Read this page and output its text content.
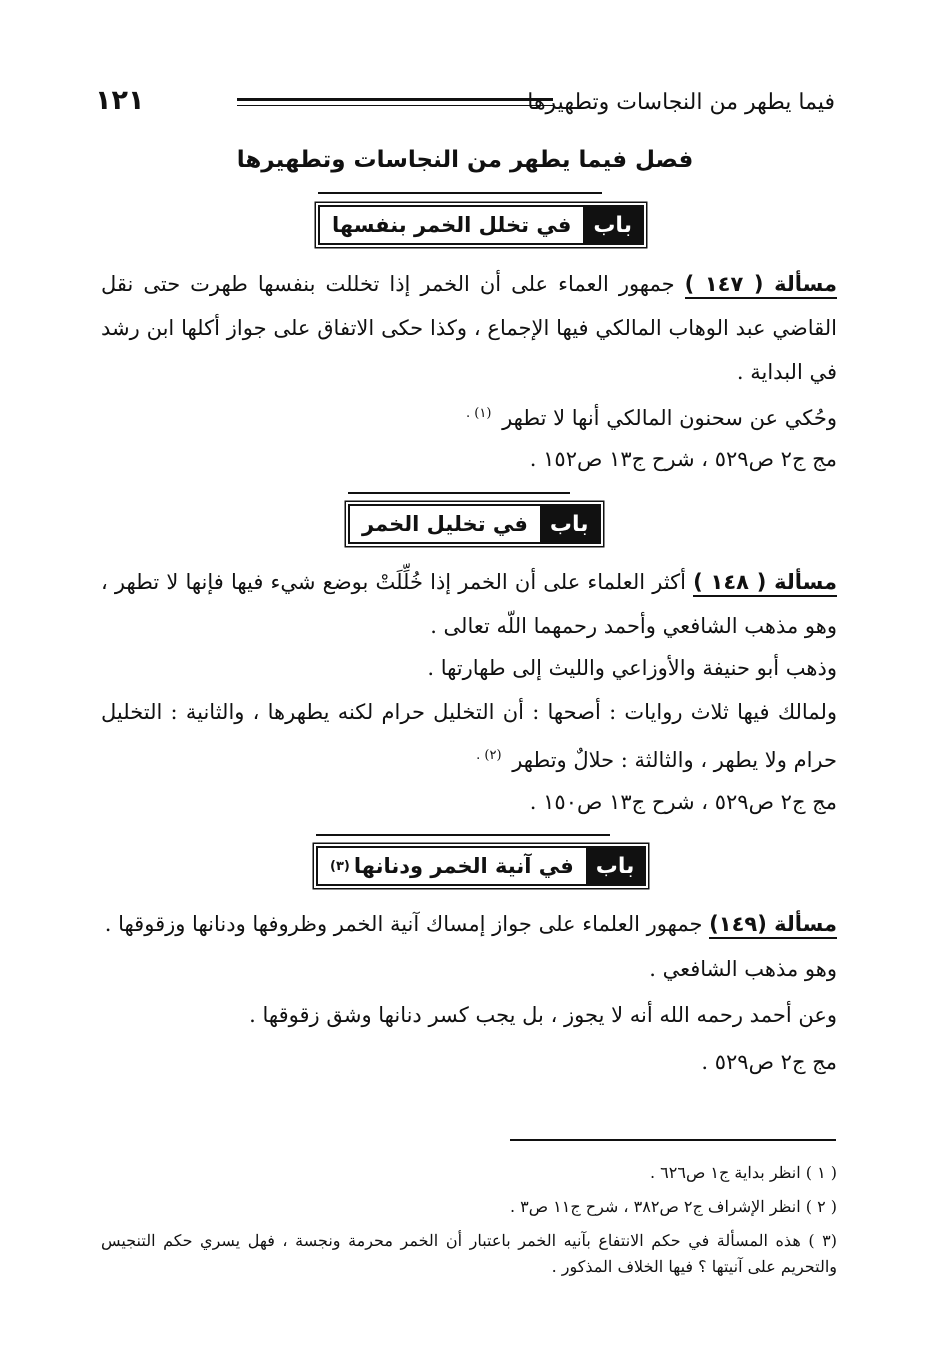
فيما يطهر من النجاسات وتطهيرها
١٢١
فصل فيما يطهر من النجاسات وتطهيرها
باب
في تخلل الخمر بنفسها
مسألة ( ١٤٧ ) جمهور العماء على أن الخمر إذا تخللت بنفسها طهرت حتى نقل القاضي عبد الوهاب المالكي فيها الإجماع ، وكذا حكى الاتفاق على جواز أكلها ابن رشد في البداية .
وحُكي عن سحنون المالكي أنها لا تطهر $^{(١) .}$
مج ج٢ ص٥٢٩ ، شرح ج١٣ ص١٥٢ .
باب
في تخليل الخمر
مسألة ( ١٤٨ ) أكثر العلماء على أن الخمر إذا خُلِّلَتْ بوضع شيء فيها فإنها لا تطهر ، وهو مذهب الشافعي وأحمد رحمهما اللّه تعالى .
وذهب أبو حنيفة والأوزاعي والليث إلى طهارتها .
ولمالك فيها ثلاث روايات : أصحها : أن التخليل حرام لكنه يطهرها ، والثانية : التخليل حرام ولا يطهر ، والثالثة : حلالٌ وتطهر $^{(٢) .}$
مج ج٢ ص٥٢٩ ، شرح ج١٣ ص١٥٠ .
باب
في آنية الخمر ودنانها
(٣)
مسألة (١٤٩) جمهور العلماء على جواز إمساك آنية الخمر وظروفها ودنانها وزقوقها .
وهو مذهب الشافعي .
وعن أحمد رحمه الله أنه لا يجوز ، بل يجب كسر دنانها وشق زقوقها .
مج ج٢ ص٥٢٩ .
( ١ ) انظر بداية ج١ ص٦٢٦ .
( ٢ ) انظر الإشراف ج٢ ص٣٨٢ ، شرح ج١١ ص٣ .
(٣ ) هذه المسألة في حكم الانتفاع بآنيه الخمر باعتبار أن الخمر محرمة ونجسة ، فهل يسري حكم التنجيس والتحريم على آنيتها ؟ فيها الخلاف المذكور .
